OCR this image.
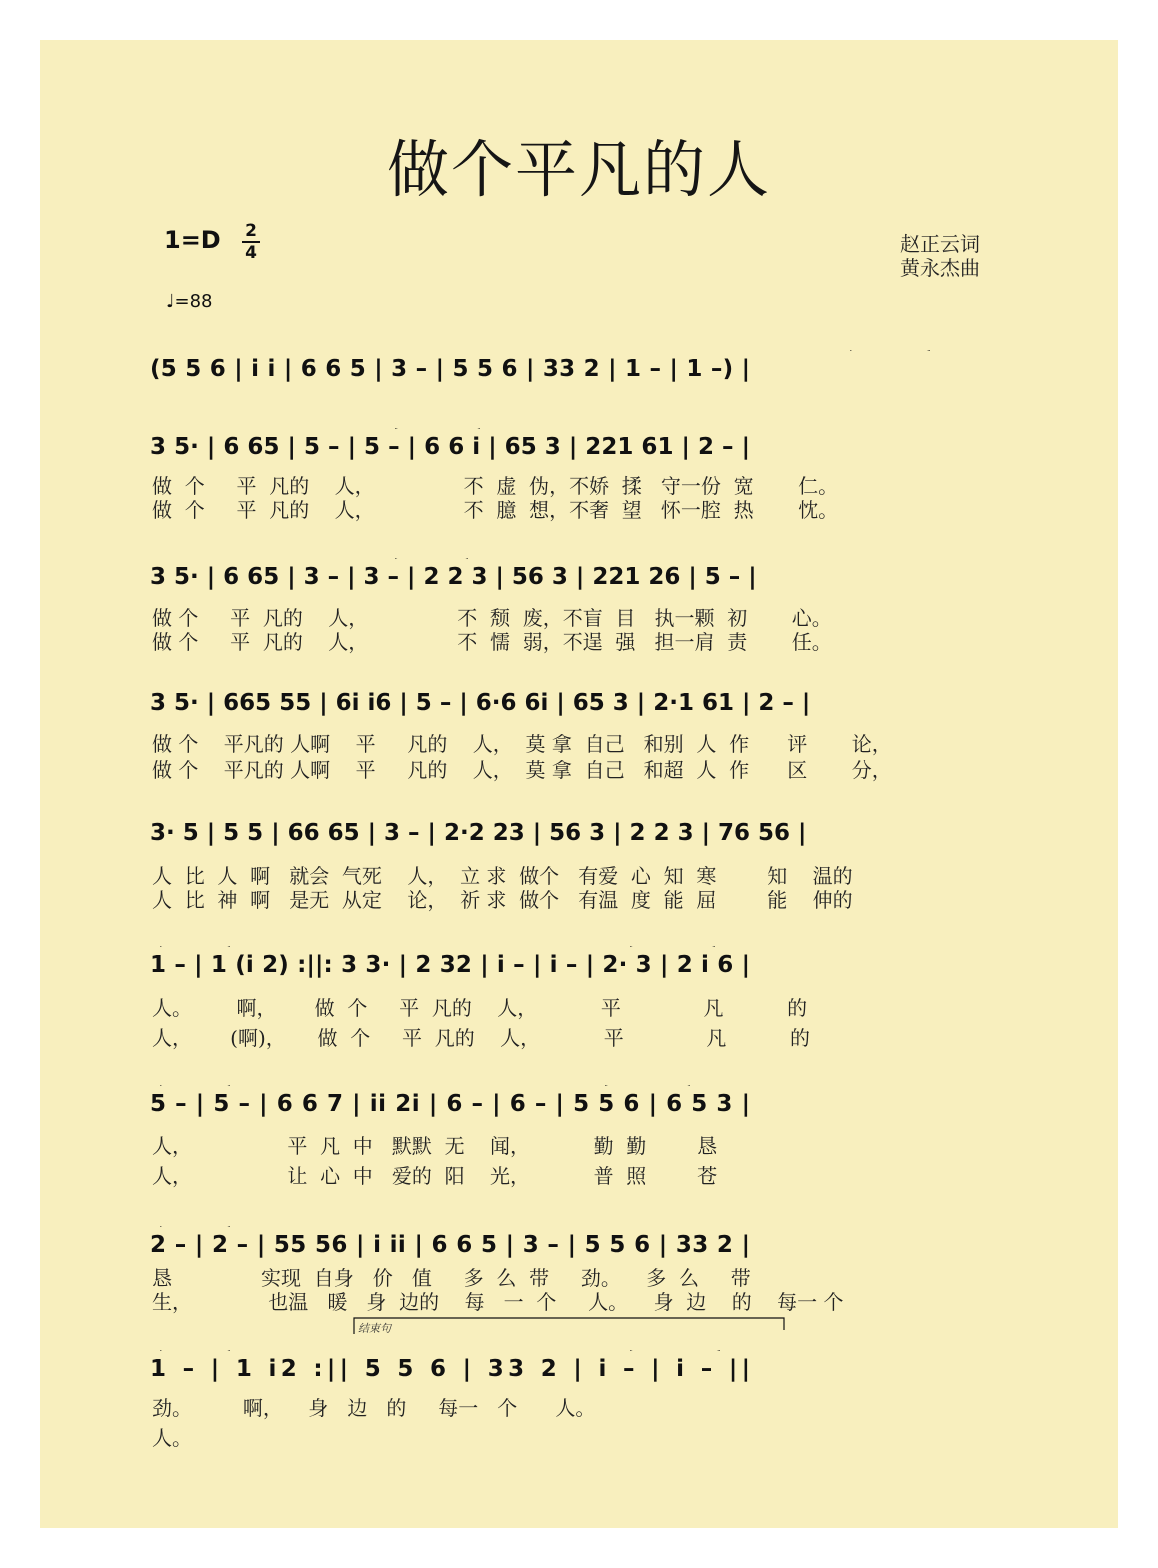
做个平凡的人
1=D 2
4
♩=88
赵正云词
黄永杰曲
(5 5 6 | i i | 6 6 5 | 3 – | 5 5 6 | 33 2 | 1 – | 1 –) |
3 5· | 6 65 | 5 – | 5 – | 6 6 i | 65 3 | 221 61 | 2 – |
做  个     平  凡的    人，              不  虚  伪，不娇  揉   守一份  宽       仁。
做  个     平  凡的    人，              不  臆  想，不奢  望   怀一腔  热       忱。
3 5· | 6 65 | 3 – | 3 – | 2 2 3 | 56 3 | 221 26 | 5 – |
做 个     平  凡的    人，              不  颓  废，不盲  目   执一颗  初       心。
做 个     平  凡的    人，              不  懦  弱，不逞  强   担一肩  责       任。
3 5· | 665 55 | 6i i6 | 5 – | 6·6 6i | 65 3 | 2·1 61 | 2 – |
做 个    平凡的 人啊    平     凡的    人，  莫 拿  自己   和别  人  作      评       论，
做 个    平凡的 人啊    平     凡的    人，  莫 拿  自己   和超  人  作      区       分，
3· 5 | 5 5 | 66 65 | 3 – | 2·2 23 | 56 3 | 2 2 3 | 76 56 |
人  比  人  啊   就会  气死    人，  立 求  做个   有爱  心  知  寒        知    温的
人  比  神  啊   是无  从定    论，  祈 求  做个   有温  度  能  屈        能    伸的
1 – | 1 (i 2) :||: 3 3· | 2 32 | i – | i – | 2· 3 | 2 i 6 |
人。       啊，      做  个     平  凡的    人，          平             凡          的
人，      (啊)，     做  个     平  凡的    人，          平             凡          的
5 – | 5 – | 6 6 7 | ii 2i | 6 – | 6 – | 5 5 6 | 6 5 3 |
人，               平  凡  中   默默  无    闻，          勤  勤        恳
人，               让  心  中   爱的  阳    光，          普  照        苍
2 – | 2 – | 55 56 | i ii | 6 6 5 | 3 – | 5 5 6 | 33 2 |
恳              实现  自身   价   值     多  么  带     劲。    多  么     带
生，            也温   暖   身  边的    每   一  个     人。    身  边    的    每一 个
结束句
1 – | 1 i2 :|| 5 5 6 | 33 2 | i – | i – ||
劲。        啊，    身   边   的     每一   个      人。
人。
